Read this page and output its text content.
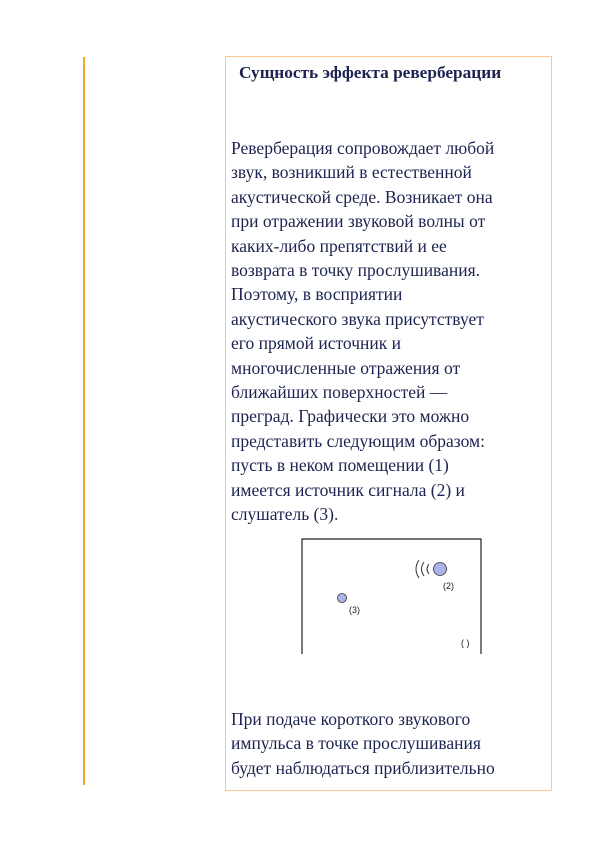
Сущность эффекта реверберации
Реверберация сопровождает любой
звук, возникший в естественной
акустической среде. Возникает она
при отражении звуковой волны от
каких-либо препятствий и ее
возврата в точку прослушивания.
Поэтому, в восприятии
акустического звука присутствует
его прямой источник и
многочисленные отражения от
ближайших поверхностей —
преград. Графически это можно
представить следующим образом:
пусть в неком помещении (1)
имеется источник сигнала (2) и
слушатель (3).
(2)
(3)
( )
При подаче короткого звукового
импульса в точке прослушивания
будет наблюдаться приблизительно
